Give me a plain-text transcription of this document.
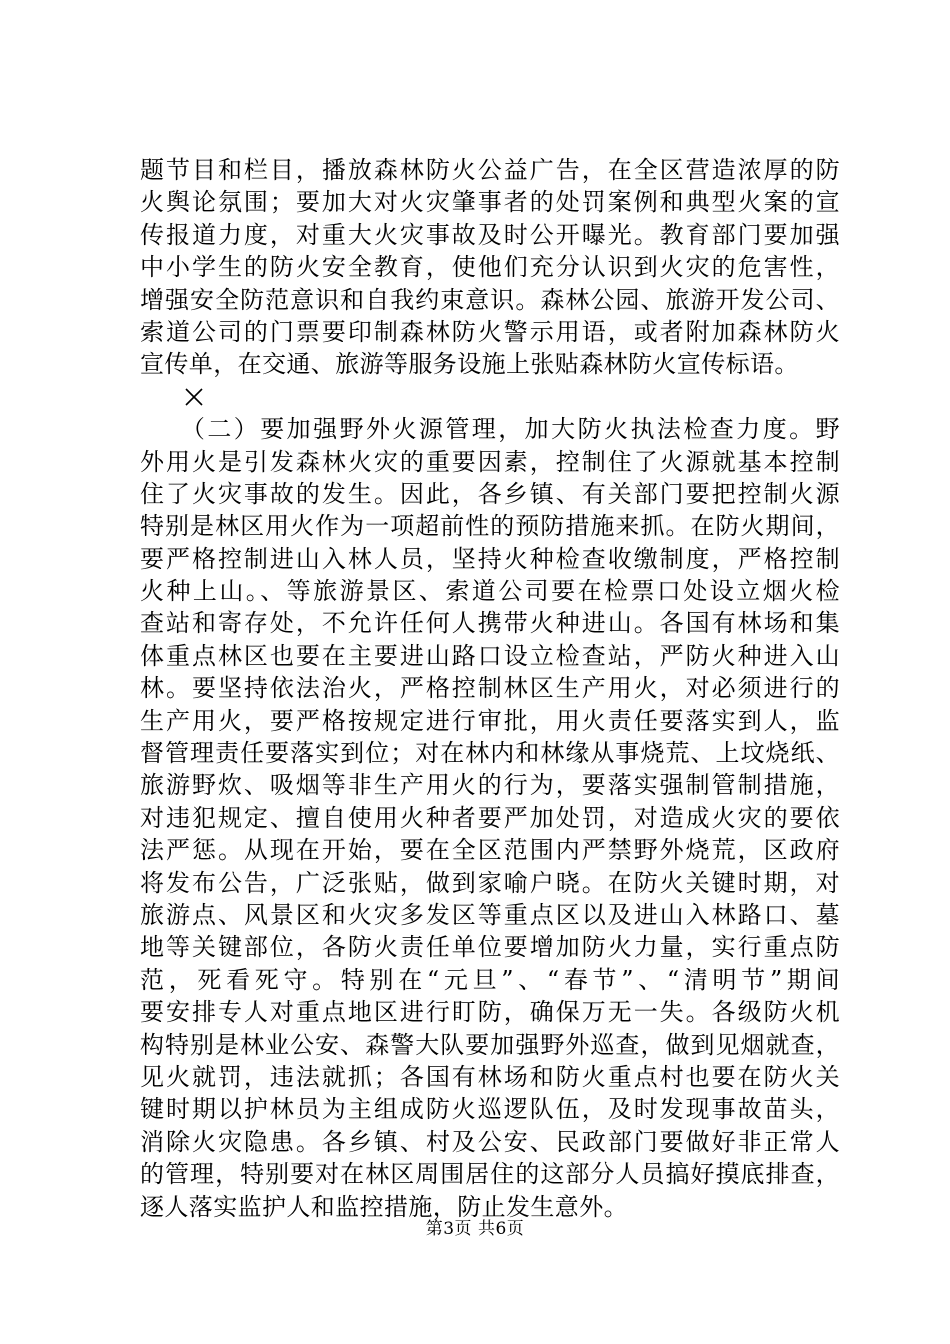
题节目和栏目，播放森林防火公益广告，在全区营造浓厚的防
火舆论氛围；要加大对火灾肇事者的处罚案例和典型火案的宣
传报道力度，对重大火灾事故及时公开曝光。教育部门要加强
中小学生的防火安全教育，使他们充分认识到火灾的危害性，
增强安全防范意识和自我约束意识。森林公园、旅游开发公司、
索道公司的门票要印制森林防火警示用语，或者附加森林防火
宣传单，在交通、旅游等服务设施上张贴森林防火宣传标语。
　　（二）要加强野外火源管理，加大防火执法检查力度。野
外用火是引发森林火灾的重要因素，控制住了火源就基本控制
住了火灾事故的发生。因此，各乡镇、有关部门要把控制火源
特别是林区用火作为一项超前性的预防措施来抓。在防火期间，
要严格控制进山入林人员，坚持火种检查收缴制度，严格控制
火种上山。、等旅游景区、索道公司要在检票口处设立烟火检
查站和寄存处，不允许任何人携带火种进山。各国有林场和集
体重点林区也要在主要进山路口设立检查站，严防火种进入山
林。要坚持依法治火，严格控制林区生产用火，对必须进行的
生产用火，要严格按规定进行审批，用火责任要落实到人，监
督管理责任要落实到位；对在林内和林缘从事烧荒、上坟烧纸、
旅游野炊、吸烟等非生产用火的行为，要落实强制管制措施，
对违犯规定、擅自使用火种者要严加处罚，对造成火灾的要依
法严惩。从现在开始，要在全区范围内严禁野外烧荒，区政府
将发布公告，广泛张贴，做到家喻户晓。在防火关键时期，对
旅游点、风景区和火灾多发区等重点区以及进山入林路口、墓
地等关键部位，各防火责任单位要增加防火力量，实行重点防
范，死看死守。特别在“元旦”、“春节”、“清明节”期间
要安排专人对重点地区进行盯防，确保万无一失。各级防火机
构特别是林业公安、森警大队要加强野外巡查，做到见烟就查，
见火就罚，违法就抓；各国有林场和防火重点村也要在防火关
键时期以护林员为主组成防火巡逻队伍，及时发现事故苗头，
消除火灾隐患。各乡镇、村及公安、民政部门要做好非正常人
的管理，特别要对在林区周围居住的这部分人员搞好摸底排查，
逐人落实监护人和监控措施，防止发生意外。
第3页 共6页
